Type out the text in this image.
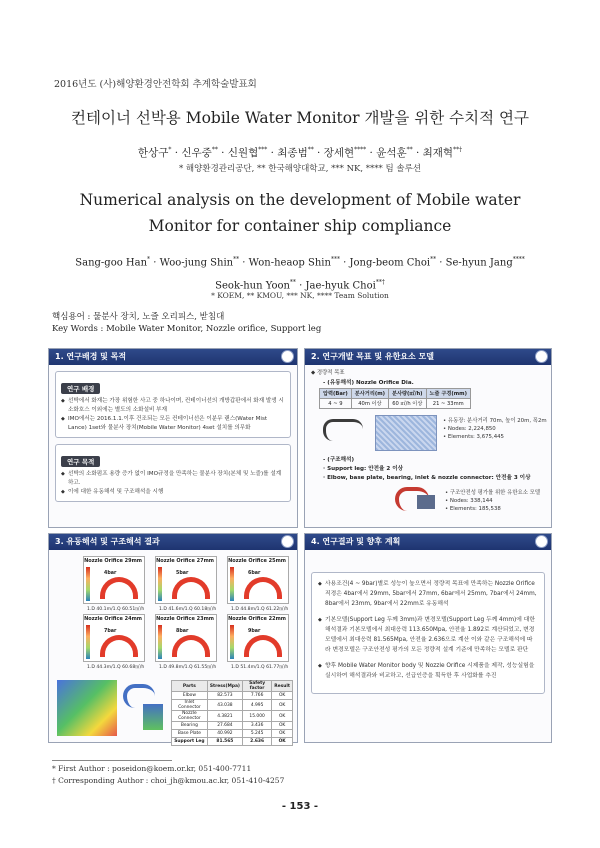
2016년도 (사)해양환경안전학회 추계학술발표회
컨테이너 선박용 Mobile Water Monitor 개발을 위한 수치적 연구
한상구* · 신우중** · 신원협*** · 최종범** · 장세현**** · 윤석훈** · 최재혁**†
* 해양환경관리공단, ** 한국해양대학교, *** NK, **** 팀 솔루션
Numerical analysis on the development of Mobile water Monitor for container ship compliance
Sang-goo Han* · Woo-jung Shin** · Won-heaop Shin*** · Jong-beom Choi** · Se-hyun Jang****
Seok-hun Yoon** · Jae-hyuk Choi**†
* KOEM, ** KMOU, *** NK, **** Team Solution
핵심용어 : 물분사 장치, 노즐 오리피스, 받침대
Key Words : Mobile Water Monitor, Nozzle orifice, Support leg
1. 연구배경 및 목적
연구 배경
◆ 선박에서 화재는 가장 위험한 사고 중 하나이며, 컨테이너선의 개방갑판에서 화재 발생 시 소화호스 이외에는 별도의 소화설비 부재
◆ IMO에서는 2016.1.1.이후 건조되는 모든 컨테이너선은 이분무 랜스(Water Mist Lance) 1set와 물분사 장치(Mobile Water Monitor) 4set 설치를 의무화
연구 목적
◆ 선박의 소화펌프 용량 증가 없이 IMO규정을 만족하는 물분사 장치(본체 및 노즐)를 설계하고.
◆ 이에 대한 유동해석 및 구조해석을 시행
2. 연구개발 목표 및 유한요소 모델
◆ 경량적 목표
- (유동해석) Nozzle Orifice Dia.
압력(Bar)	분사거리(m)	분사량(㎥/h)	노즐 구경(mm)
4 ~ 9	40m 이상	60 ㎥/h 이상	21 ~ 33mm
• 유동장: 분사거리 70m, 높이 20m, 폭2m
• Nodes: 2,224,850
• Elements: 3,675,445
- (구조해석)
· Support leg: 안전율 2 이상
· Elbow, base plate, bearing, inlet & nozzle connector: 안전율 3 이상
• 구조안전성 평가를 위한 유한요소 모델
• Nodes: 338,144
• Elements: 185,538
3. 유동해석 및 구조해석 결과
Nozzle Orifice 29mm
4bar
1.D 40.1m/1.Q 60.51㎥/h
Nozzle Orifice 27mm
5bar
1.D 41.6m/1.Q 60.18㎥/h
Nozzle Orifice 25mm
6bar
1.D 44.8m/1.Q 61.22㎥/h
Nozzle Orifice 24mm
7bar
1.D 44.3m/1.Q 60.68㎥/h
Nozzle Orifice 23mm
8bar
1.D 49.8m/1.Q 61.55㎥/h
Nozzle Orifice 22mm
9bar
1.D 51.4m/1.Q 61.77㎥/h
Parts	Stress(Mpa)	Safety factor	Result
Elbow	82.573	7.766	OK
Inlet Connector	43.038	4.995	OK
Nozzle Connector	4.3821	15.000	OK
Bearing	27.684	3.436	OK
Base Plate	40.992	5.245	OK
Support Leg	81.565	2.636	OK
4. 연구결과 및 향후 계획
◆ 사용조건(4 ~ 9bar)별로 성능이 높으면서 정량적 목표에 만족하는 Nozzle Orifice 직경은 4bar에서 29mm, 5bar에서 27mm, 6bar에서 25mm, 7bar에서 24mm, 8bar에서 23mm, 9bar에서 22mm로 유동해석
◆ 기본모델(Support Leg 두께 3mm)과 변경모델(Support Leg 두께 4mm)에 대한 해석결과 기본모델에서 최대응력 113.650Mpa, 안전율 1.892로 계산되었고, 변경모델에서 최대응력 81.565Mpa, 안전율 2.636으로 계산 이와 같은 구조해석에 따라 변경모델은 구조안전성 평가의 모든 정량적 설계 기준에 만족하는 모델로 판단
◆ 향후 Mobile Water Monitor body 및 Nozzle Orifice 시제품을 제작, 성능실험을 실시하여 해석결과와 비교하고, 선급인증을 획득한 후 사업화를 추진
* First Author : poseidon@koem.or.kr, 051-400-7711
† Corresponding Author : choi_jh@kmou.ac.kr, 051-410-4257
- 153 -
